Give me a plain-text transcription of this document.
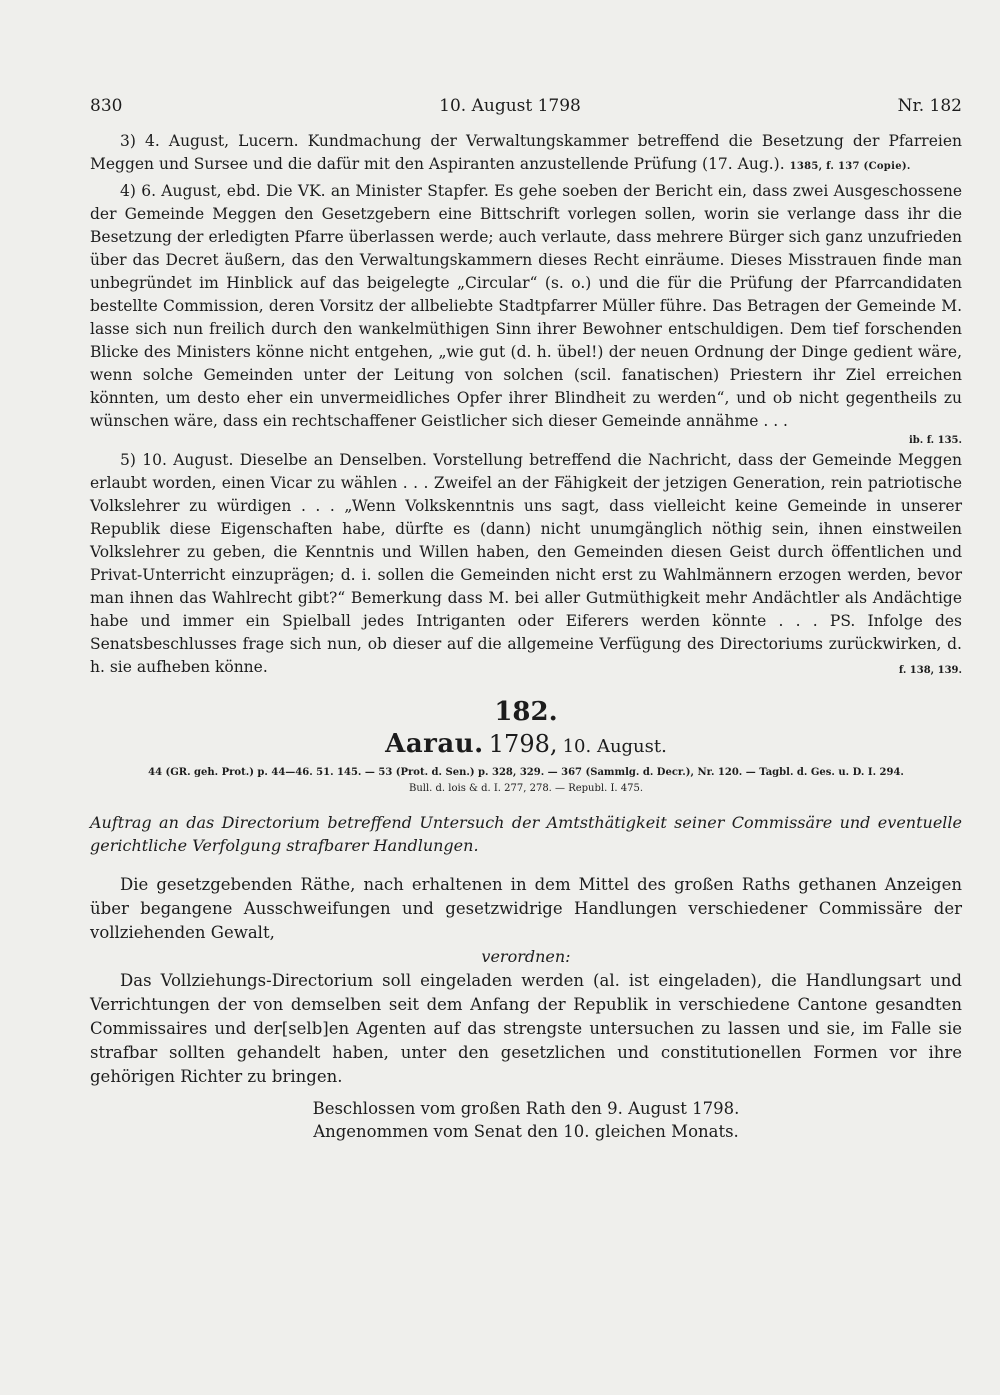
830	10. August 1798	Nr. 182

3) 4. August, Lucern. Kundmachung der Verwaltungskammer betreffend die Besetzung der Pfarreien Meggen und Sursee und die dafür mit den Aspiranten anzustellende Prüfung (17. Aug.). 1385, f. 137 (Copie).

4) 6. August, ebd. Die VK. an Minister Stapfer. Es gehe soeben der Bericht ein, dass zwei Ausgeschossene der Gemeinde Meggen den Gesetzgebern eine Bittschrift vorlegen sollen, worin sie verlange dass ihr die Besetzung der erledigten Pfarre überlassen werde; auch verlaute, dass mehrere Bürger sich ganz unzufrieden über das Decret äußern, das den Verwaltungskammern dieses Recht einräume. Dieses Misstrauen finde man unbegründet im Hinblick auf das beigelegte „Circular“ (s. o.) und die für die Prüfung der Pfarrcandidaten bestellte Commission, deren Vorsitz der allbeliebte Stadtpfarrer Müller führe. Das Betragen der Gemeinde M. lasse sich nun freilich durch den wankelmüthigen Sinn ihrer Bewohner entschuldigen. Dem tief forschenden Blicke des Ministers könne nicht entgehen, „wie gut (d. h. übel!) der neuen Ordnung der Dinge gedient wäre, wenn solche Gemeinden unter der Leitung von solchen (scil. fanatischen) Priestern ihr Ziel erreichen könnten, um desto eher ein unvermeidliches Opfer ihrer Blindheit zu werden“, und ob nicht gegentheils zu wünschen wäre, dass ein rechtschaffener Geistlicher sich dieser Gemeinde annähme . . .

ib. f. 135.

5) 10. August. Dieselbe an Denselben. Vorstellung betreffend die Nachricht, dass der Gemeinde Meggen erlaubt worden, einen Vicar zu wählen . . . Zweifel an der Fähigkeit der jetzigen Generation, rein patriotische Volkslehrer zu würdigen . . . „Wenn Volkskenntnis uns sagt, dass vielleicht keine Gemeinde in unserer Republik diese Eigenschaften habe, dürfte es (dann) nicht unumgänglich nöthig sein, ihnen einstweilen Volkslehrer zu geben, die Kenntnis und Willen haben, den Gemeinden diesen Geist durch öffentlichen und Privat-Unterricht einzuprägen; d. i. sollen die Gemeinden nicht erst zu Wahlmännern erzogen werden, bevor man ihnen das Wahlrecht gibt?“ Bemerkung dass M. bei aller Gutmüthigkeit mehr Andächtler als Andächtige habe und immer ein Spielball jedes Intriganten oder Eiferers werden könnte . . . PS. Infolge des Senatsbeschlusses frage sich nun, ob dieser auf die allgemeine Verfügung des Directoriums zurückwirken, d. h. sie aufheben könne.	f. 138, 139.

182.
Aarau. 1798, 10. August.
44 (GR. geh. Prot.) p. 44—46. 51. 145. — 53 (Prot. d. Sen.) p. 328, 329. — 367 (Sammlg. d. Decr.), Nr. 120. — Tagbl. d. Ges. u. D. I. 294.
Bull. d. lois & d. I. 277, 278. — Republ. I. 475.

Auftrag an das Directorium betreffend Untersuch der Amtsthätigkeit seiner Commissäre und eventuelle gerichtliche Verfolgung strafbarer Handlungen.

Die gesetzgebenden Räthe, nach erhaltenen in dem Mittel des großen Raths gethanen Anzeigen über begangene Ausschweifungen und gesetzwidrige Handlungen verschiedener Commissäre der vollziehenden Gewalt,

verordnen:

Das Vollziehungs-Directorium soll eingeladen werden (al. ist eingeladen), die Handlungsart und Verrichtungen der von demselben seit dem Anfang der Republik in verschiedene Cantone gesandten Commissaires und der[selb]en Agenten auf das strengste untersuchen zu lassen und sie, im Falle sie strafbar sollten gehandelt haben, unter den gesetzlichen und constitutionellen Formen vor ihre gehörigen Richter zu bringen.

Beschlossen vom großen Rath den 9. August 1798.
Angenommen vom Senat den 10. gleichen Monats.
